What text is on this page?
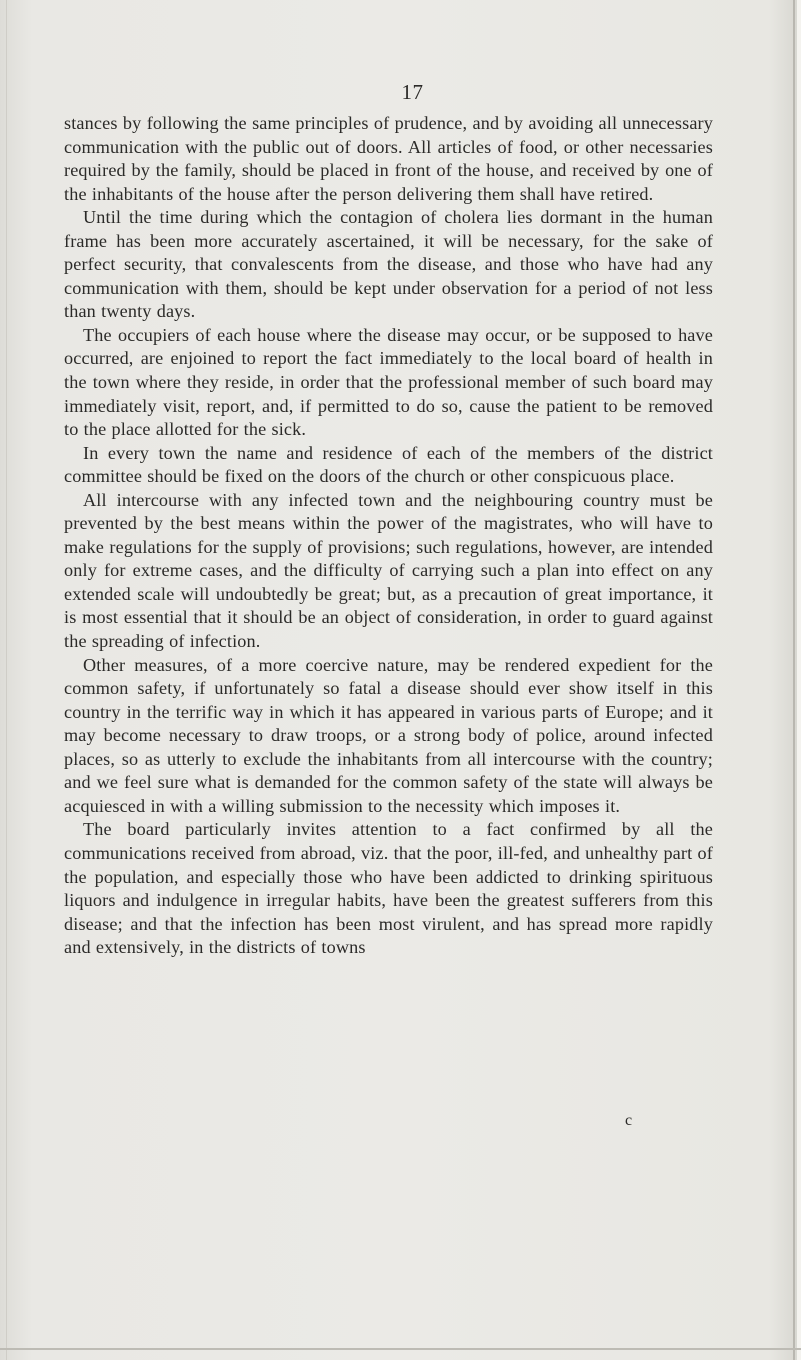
17

stances by following the same principles of prudence, and by avoiding all unnecessary communication with the public out of doors. All articles of food, or other necessaries required by the family, should be placed in front of the house, and received by one of the inhabitants of the house after the person delivering them shall have retired.

Until the time during which the contagion of cholera lies dormant in the human frame has been more accurately ascertained, it will be necessary, for the sake of perfect security, that convalescents from the disease, and those who have had any communication with them, should be kept under observation for a period of not less than twenty days.

The occupiers of each house where the disease may occur, or be supposed to have occurred, are enjoined to report the fact immediately to the local board of health in the town where they reside, in order that the professional member of such board may immediately visit, report, and, if permitted to do so, cause the patient to be removed to the place allotted for the sick.

In every town the name and residence of each of the members of the district committee should be fixed on the doors of the church or other conspicuous place.

All intercourse with any infected town and the neighbouring country must be prevented by the best means within the power of the magistrates, who will have to make regulations for the supply of provisions; such regulations, however, are intended only for extreme cases, and the difficulty of carrying such a plan into effect on any extended scale will undoubtedly be great; but, as a precaution of great importance, it is most essential that it should be an object of consideration, in order to guard against the spreading of infection.

Other measures, of a more coercive nature, may be rendered expedient for the common safety, if unfortunately so fatal a disease should ever show itself in this country in the terrific way in which it has appeared in various parts of Europe; and it may become necessary to draw troops, or a strong body of police, around infected places, so as utterly to exclude the inhabitants from all intercourse with the country; and we feel sure what is demanded for the common safety of the state will always be acquiesced in with a willing submission to the necessity which imposes it.

The board particularly invites attention to a fact confirmed by all the communications received from abroad, viz. that the poor, ill-fed, and unhealthy part of the population, and especially those who have been addicted to drinking spirituous liquors and indulgence in irregular habits, have been the greatest sufferers from this disease; and that the infection has been most virulent, and has spread more rapidly and extensively, in the districts of towns

c
